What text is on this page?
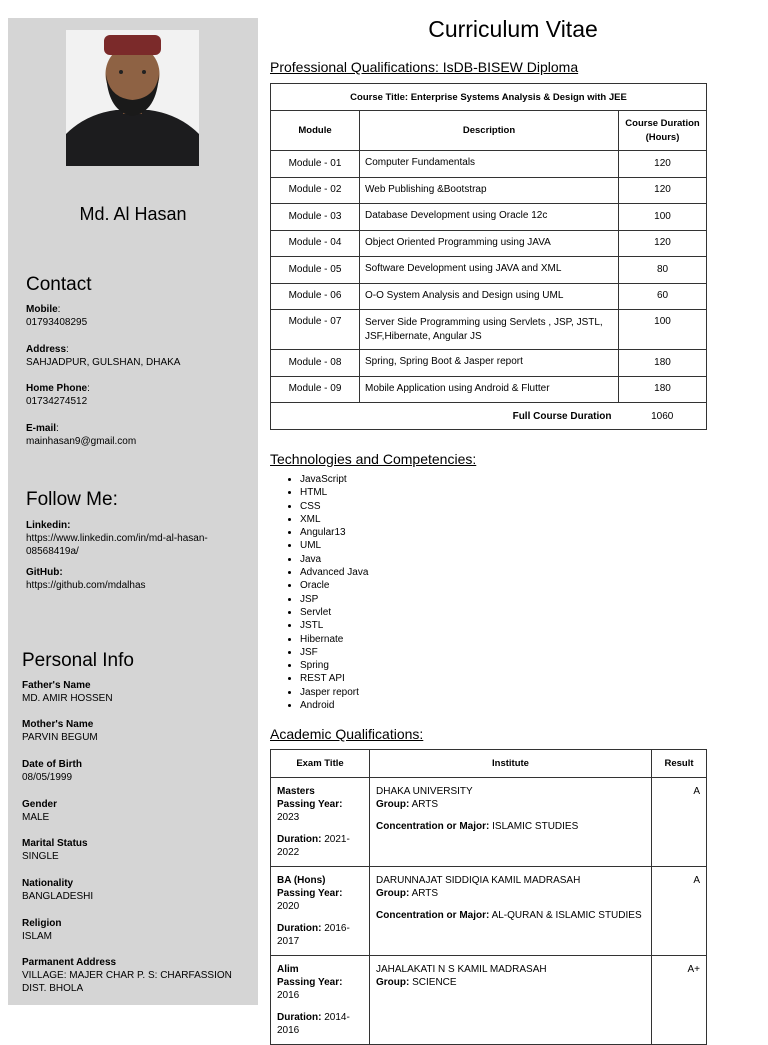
Md. Al Hasan
Contact
Mobile:
01793408295
Address:
SAHJADPUR, GULSHAN, DHAKA
Home Phone:
01734274512
E-mail:
mainhasan9@gmail.com
Follow Me:
Linkedin:
https://www.linkedin.com/in/md-al-hasan-08568419a/
GitHub:
https://github.com/mdalhas
Personal Info
Father's Name
MD. AMIR HOSSEN
Mother's Name
PARVIN BEGUM
Date of Birth
08/05/1999
Gender
MALE
Marital Status
SINGLE
Nationality
BANGLADESHI
Religion
ISLAM
Parmanent Address
VILLAGE: MAJER CHAR P. S: CHARFASSION DIST. BHOLA
Curriculum Vitae
Professional Qualifications: IsDB-BISEW Diploma
Course Title: Enterprise Systems Analysis & Design with JEE		
Module	Description	Course Duration (Hours)
Module - 01	Computer Fundamentals	120
Module - 02	Web Publishing &Bootstrap	120
Module - 03	Database Development using Oracle 12c	100
Module - 04	Object Oriented Programming using JAVA	120
Module - 05	Software Development using JAVA and XML	80
Module - 06	O-O System Analysis and Design using UML	60
Module - 07	Server Side Programming using Servlets , JSP, JSTL, JSF,Hibernate, Angular JS	100
Module - 08	Spring, Spring Boot & Jasper report	180
Module - 09	Mobile Application using Android & Flutter	180
Full Course Duration		1060
Technologies and Competencies:
• JavaScript
• HTML
• CSS
• XML
• Angular13
• UML
• Java
• Advanced Java
• Oracle
• JSP
• Servlet
• JSTL
• Hibernate
• JSF
• Spring
• REST API
• Jasper report
• Android
Academic Qualifications:
Exam Title	Institute	Result
Masters
Passing Year: 2023
Duration: 2021-2022	DHAKA UNIVERSITY
Group: ARTS
Concentration or Major: ISLAMIC STUDIES	A
BA (Hons)
Passing Year: 2020
Duration: 2016-2017	DARUNNAJAT SIDDIQIA KAMIL MADRASAH
Group: ARTS
Concentration or Major: AL-QURAN & ISLAMIC STUDIES	A
Alim
Passing Year: 2016
Duration: 2014-2016	JAHALAKATI N S KAMIL MADRASAH
Group: SCIENCE	A+
